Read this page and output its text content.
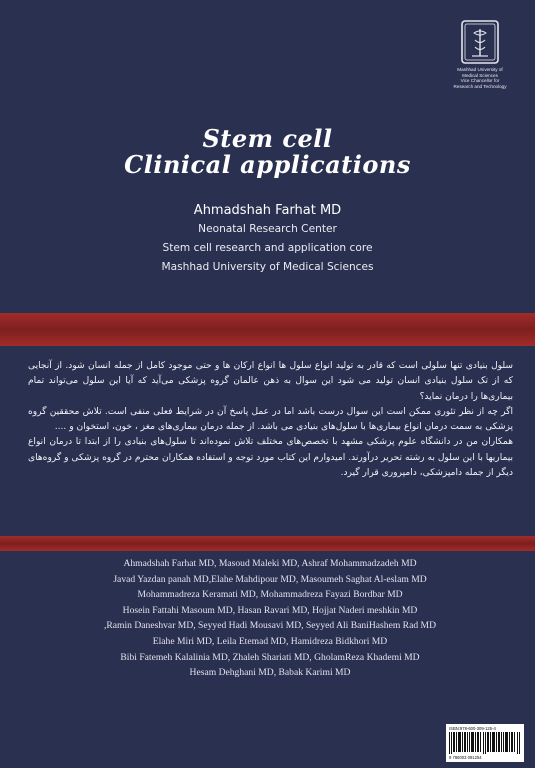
Mashhad University of
Medical Sciences
Vice Chancellor for
Research and Technology
Stem cell
Clinical applications
Ahmadshah Farhat MD
Neonatal Research Center
Stem cell research and application core
Mashhad University of Medical Sciences

سلول بنیادی تنها سلولی است که قادر به تولید انواع سلول ها انواع ارکان ها و حتی موجود کامل از جمله انسان شود. از آنجایی که از تک سلول بنیادی انسان تولید می شود این سوال به ذهن عالمان گروه پزشکی می‌آید که آیا این سلول می‌تواند تمام بیماری‌ها را درمان نماید؟

اگر چه از نظر تئوری ممکن است این سوال درست باشد اما در عمل پاسخ آن در شرایط فعلی منفی است. تلاش محققین گروه پزشکی به سمت درمان انواع بیماری‌ها با سلول‌های بنیادی می باشد. از جمله درمان بیماری‌های مغز ، خون، استخوان و ....

همکاران من در دانشگاه علوم پزشکی مشهد با تخصص‌های مختلف تلاش نموده‌اند تا سلول‌های بنیادی را از ابتدا تا درمان انواع بیماریها با این سلول به رشته تحریر درآورند. امیدوارم این کتاب مورد توجه و استفاده همکاران محترم در گروه پزشکی و گروه‌های دیگر از جمله دامپزشکی، دامپروری قرار گیرد.

Ahmadshah Farhat MD, Masoud Maleki MD, Ashraf Mohammadzadeh MD
Javad Yazdan panah MD,Elahe Mahdipour MD, Masoumeh Saghat Al-eslam MD
Mohammadreza Keramati MD, Mohammadreza Fayazi Bordbar MD
Hosein Fattahi Masoum MD, Hasan Ravari MD, Hojjat Naderi meshkin MD
,Ramin Daneshvar MD, Seyyed Hadi Mousavi MD, Seyyed Ali BaniHashem Rad MD
Elahe Miri MD, Leila Etemad MD, Hamidreza Bidkhori MD
Bibi Fatemeh Kalalinia MD, Zhaleh Shariati MD, GholamReza Khademi MD
Hesam Dehghani MD, Babak Karimi MD
ISBN:978-600-309-125-4
9 786003 091254
